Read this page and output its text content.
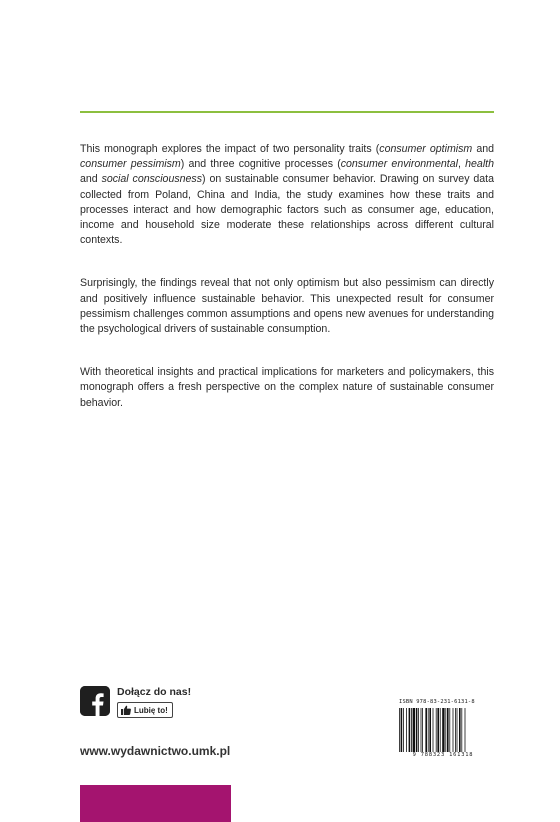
This monograph explores the impact of two personality traits (consumer optimism and consumer pessimism) and three cognitive processes (consumer environmental, health and social consciousness) on sustainable consumer behavior. Drawing on survey data collected from Poland, China and India, the study examines how these traits and processes interact and how demographic factors such as consumer age, education, income and household size moderate these relationships across different cultural contexts.

Surprisingly, the findings reveal that not only optimism but also pessimism can directly and positively influence sustainable behavior. This unexpected result for consumer pessimism challenges common assumptions and opens new avenues for understanding the psychological drivers of sustainable consumption.

With theoretical insights and practical implications for marketers and policymakers, this monograph offers a fresh perspective on the complex nature of sustainable consumer behavior.

Dołącz do nas!
Lubię to!
www.wydawnictwo.umk.pl
ISBN 978-83-231-6131-8
9 788323 161318
